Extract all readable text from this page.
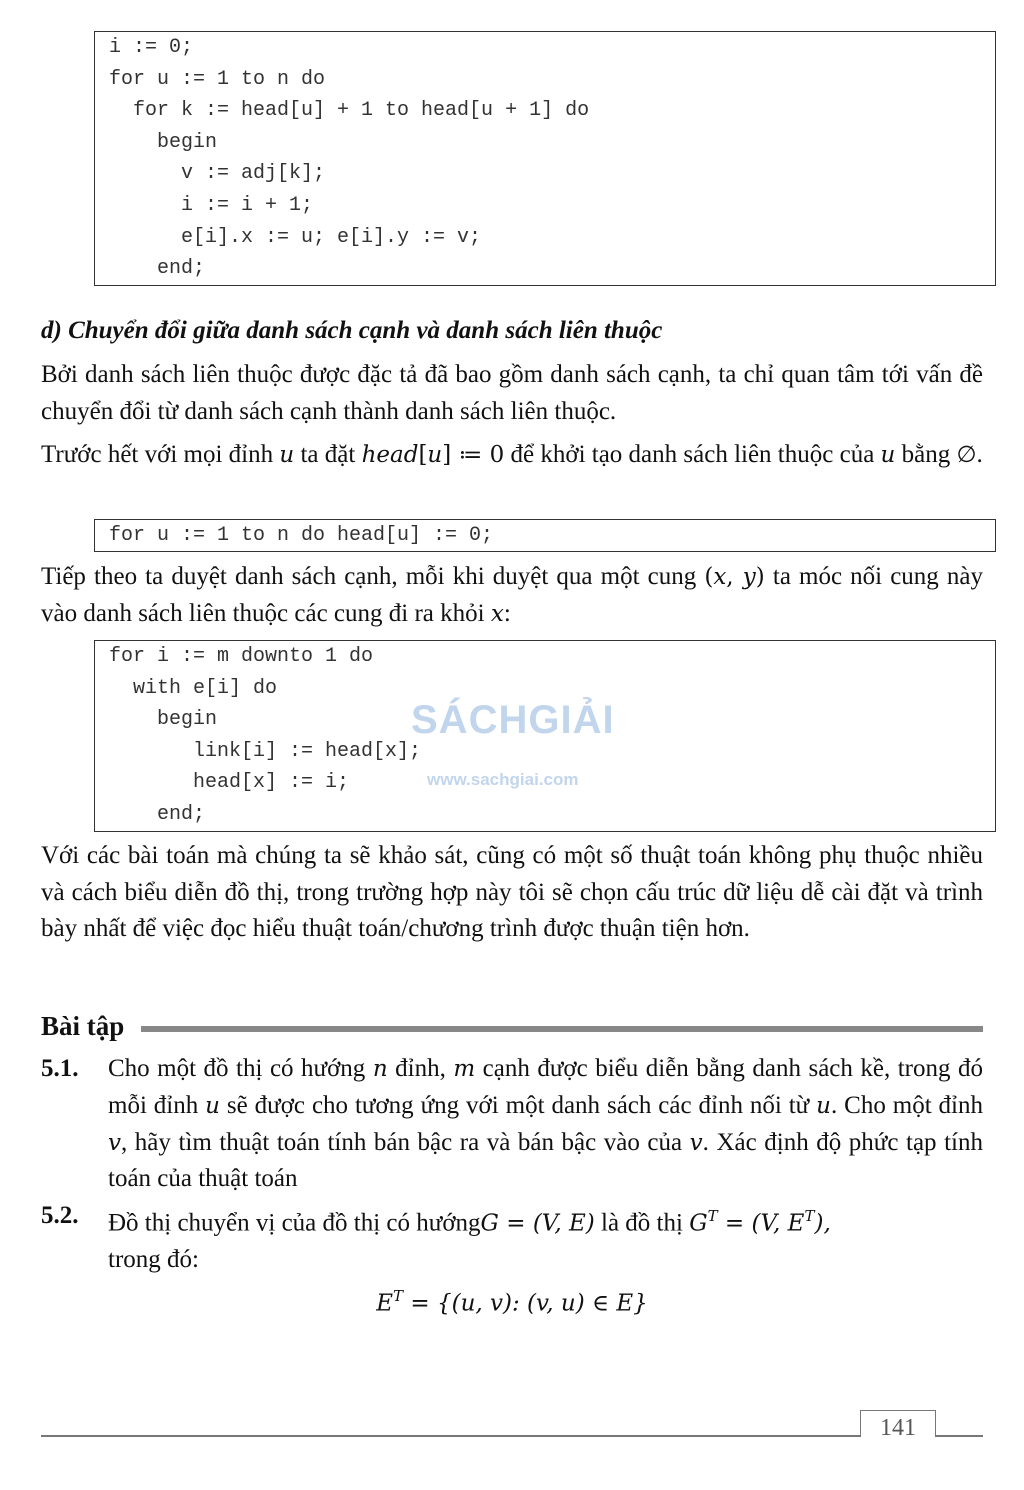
i := 0;
for u := 1 to n do
for k := head[u] + 1 to head[u + 1] do
begin
v := adj[k];
i := i + 1;
e[i].x := u; e[i].y := v;
end;

d) Chuyển đổi giữa danh sách cạnh và danh sách liên thuộc

Bởi danh sách liên thuộc được đặc tả đã bao gồm danh sách cạnh, ta chỉ quan tâm tới vấn đề chuyển đổi từ danh sách cạnh thành danh sách liên thuộc.

Trước hết với mọi đỉnh u ta đặt head[u] ≔ 0 để khởi tạo danh sách liên thuộc của u bằng ∅.

for u := 1 to n do head[u] := 0;

Tiếp theo ta duyệt danh sách cạnh, mỗi khi duyệt qua một cung (x, y) ta móc nối cung này vào danh sách liên thuộc các cung đi ra khỏi x:

for i := m downto 1 do
with e[i] do
begin
link[i] := head[x];
head[x] := i;
end;
SÁCHGIẢI
www.sachgiai.com

Với các bài toán mà chúng ta sẽ khảo sát, cũng có một số thuật toán không phụ thuộc nhiều và cách biểu diễn đồ thị, trong trường hợp này tôi sẽ chọn cấu trúc dữ liệu dễ cài đặt và trình bày nhất để việc đọc hiểu thuật toán/chương trình được thuận tiện hơn.

Bài tập
5.1. Cho một đồ thị có hướng n đỉnh, m cạnh được biểu diễn bằng danh sách kề, trong đó mỗi đỉnh u sẽ được cho tương ứng với một danh sách các đỉnh nối từ u. Cho một đỉnh v, hãy tìm thuật toán tính bán bậc ra và bán bậc vào của v. Xác định độ phức tạp tính toán của thuật toán
5.2. Đồ thị chuyển vị của đồ thị có hướngG = (V, E) là đồ thị $G^T = (V$, $E^T$),
trong đó:
$E^T = \{(u$, v): (v, u) ∈ E}
141
